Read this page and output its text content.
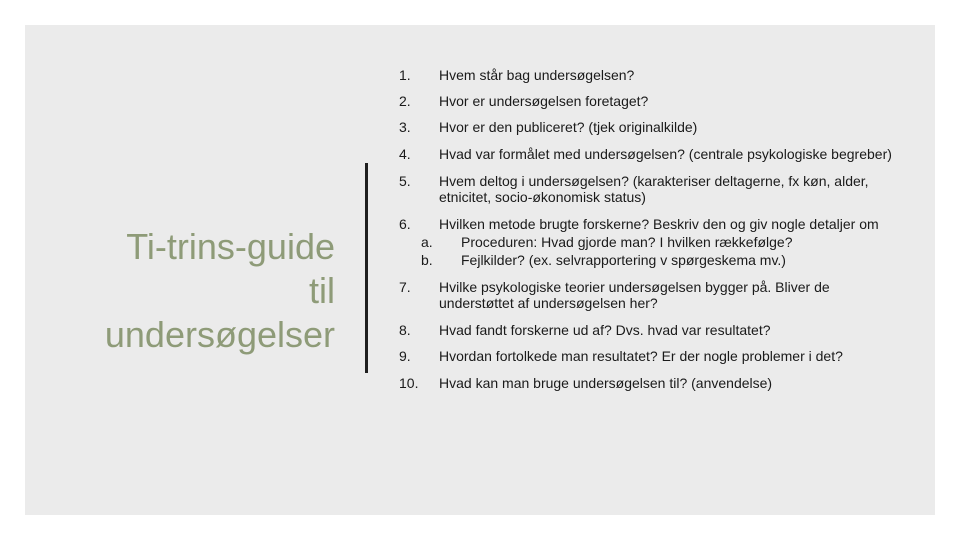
Ti-trins-guide
til
undersøgelser
1. Hvem står bag undersøgelsen?
2. Hvor er undersøgelsen foretaget?
3. Hvor er den publiceret? (tjek originalkilde)
4. Hvad var formålet med undersøgelsen? (centrale psykologiske begreber)
5. Hvem deltog i undersøgelsen? (karakteriser deltagerne, fx køn, alder, etnicitet, socio-økonomisk status)
6. Hvilken metode brugte forskerne? Beskriv den og giv nogle detaljer om
a. Proceduren: Hvad gjorde man? I hvilken rækkefølge?
b. Fejlkilder? (ex. selvrapportering v spørgeskema mv.)
7. Hvilke psykologiske teorier undersøgelsen bygger på. Bliver de understøttet af undersøgelsen her?
8. Hvad fandt forskerne ud af? Dvs. hvad var resultatet?
9. Hvordan fortolkede man resultatet? Er der nogle problemer i det?
10. Hvad kan man bruge undersøgelsen til? (anvendelse)
